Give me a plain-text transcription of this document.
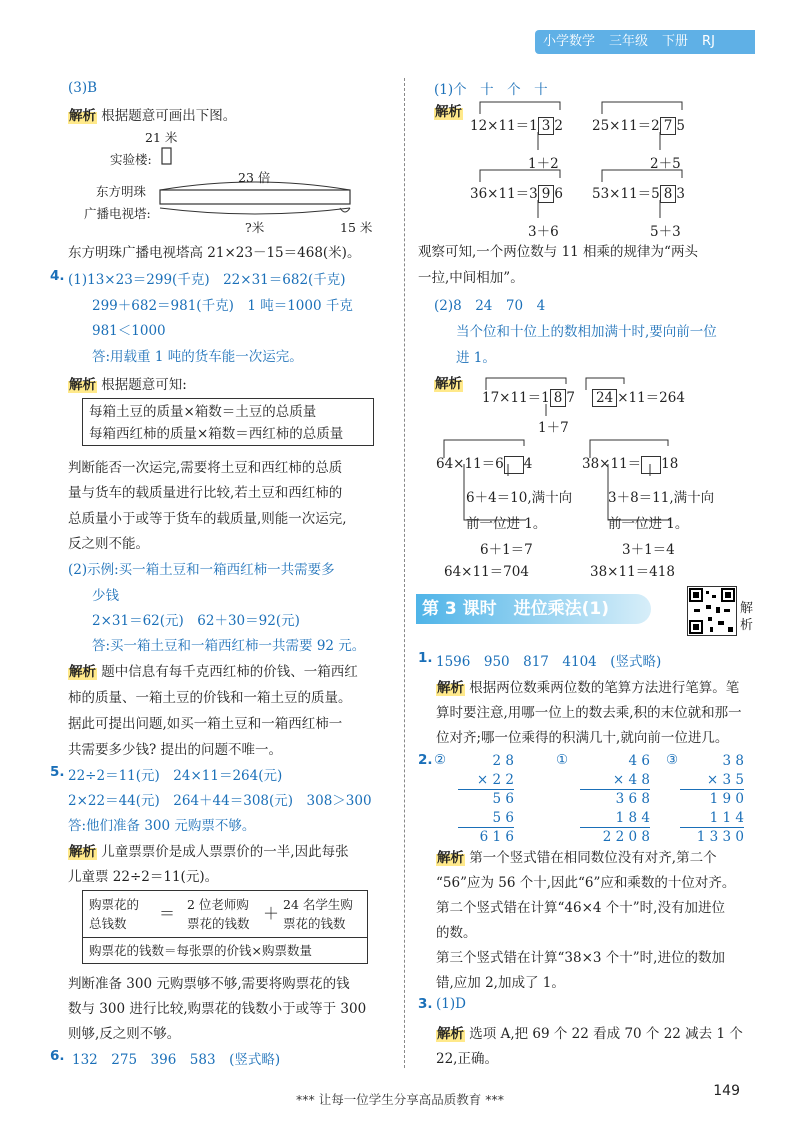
小学数学 三年级 下册 RJ
(3)B
解析 根据题意可画出下图。
21 米
实验楼:
23 倍
东方明珠
广播电视塔:
?米	15 米
东方明珠广播电视塔高 21×23－15＝468(米)。
4. (1)13×23＝299(千克)　22×31＝682(千克)
299＋682＝981(千克)　1 吨＝1000 千克
981＜1000
答:用载重 1 吨的货车能一次运完。
解析 根据题意可知:
每箱土豆的质量×箱数＝土豆的总质量
每箱西红柿的质量×箱数＝西红柿的总质量
判断能否一次运完,需要将土豆和西红柿的总质
量与货车的载质量进行比较,若土豆和西红柿的
总质量小于或等于货车的载质量,则能一次运完,
反之则不能。
(2)示例:买一箱土豆和一箱西红柿一共需要多
少钱
2×31＝62(元)　62＋30＝92(元)
答:买一箱土豆和一箱西红柿一共需要 92 元。
解析 题中信息有每千克西红柿的价钱、一箱西红
柿的质量、一箱土豆的价钱和一箱土豆的质量。
据此可提出问题,如买一箱土豆和一箱西红柿一
共需要多少钱? 提出的问题不唯一。
5. 22÷2＝11(元)　24×11＝264(元)
2×22＝44(元)　264＋44＝308(元)　308＞300
答:他们准备 300 元购票不够。
解析 儿童票票价是成人票票价的一半,因此每张
儿童票 22÷2＝11(元)。
购票花的
总钱数
＝ 2 位老师购
票花的钱数
＋ 24 名学生购
票花的钱数
购票花的钱数＝每张票的价钱×购票数量
判断准备 300 元购票够不够,需要将购票花的钱
数与 300 进行比较,购票花的钱数小于或等于 300
则够,反之则不够。
6. 132　275　396　583　(竖式略)
(1)个　十　个　十
解析
12×11＝1 3 2
1＋2
25×11＝2 7 5
2＋5
36×11＝3 9 6
3＋6
53×11＝5 8 3
5＋3
观察可知,一个两位数与 11 相乘的规律为“两头
一拉,中间相加”。
(2)8　24　70　4
当个位和十位上的数相加满十时,要向前一位
进 1。
解析
17×11＝1 8 7
1＋7
24 ×11＝264
64×11＝6 4
6＋4＝10,满十向
前一位进 1。
6＋1＝7
64×11＝704
38×11＝ 18
3＋8＝11,满十向
前一位进 1。
3＋1＝4
38×11＝418
第 3 课时　进位乘法(1)	解
析
1. 1596　950　817　4104　(竖式略)
解析 根据两位数乘两位数的笔算方法进行笔算。笔
算时要注意,用哪一位上的数去乘,积的末位就和那一
位对齐;哪一位乘得的积满几十,就向前一位进几。
2. ②	2 8
× 2 2
5 6
5 6
6 1 6
①	4 6
× 4 8
3 6 8
1 8 4
2 2 0 8
③	3 8
× 3 5
1 9 0
1 1 4
1 3 3 0
解析 第一个竖式错在相同数位没有对齐,第二个
“56”应为 56 个十,因此“6”应和乘数的十位对齐。
第二个竖式错在计算“46×4 个十”时,没有加进位
的数。
第三个竖式错在计算“38×3 个十”时,进位的数加
错,应加 2,加成了 1。
3. (1)D
解析 选项 A,把 69 个 22 看成 70 个 22 减去 1 个
22,正确。
*** 让每一位学生分享高品质教育 ***
149
